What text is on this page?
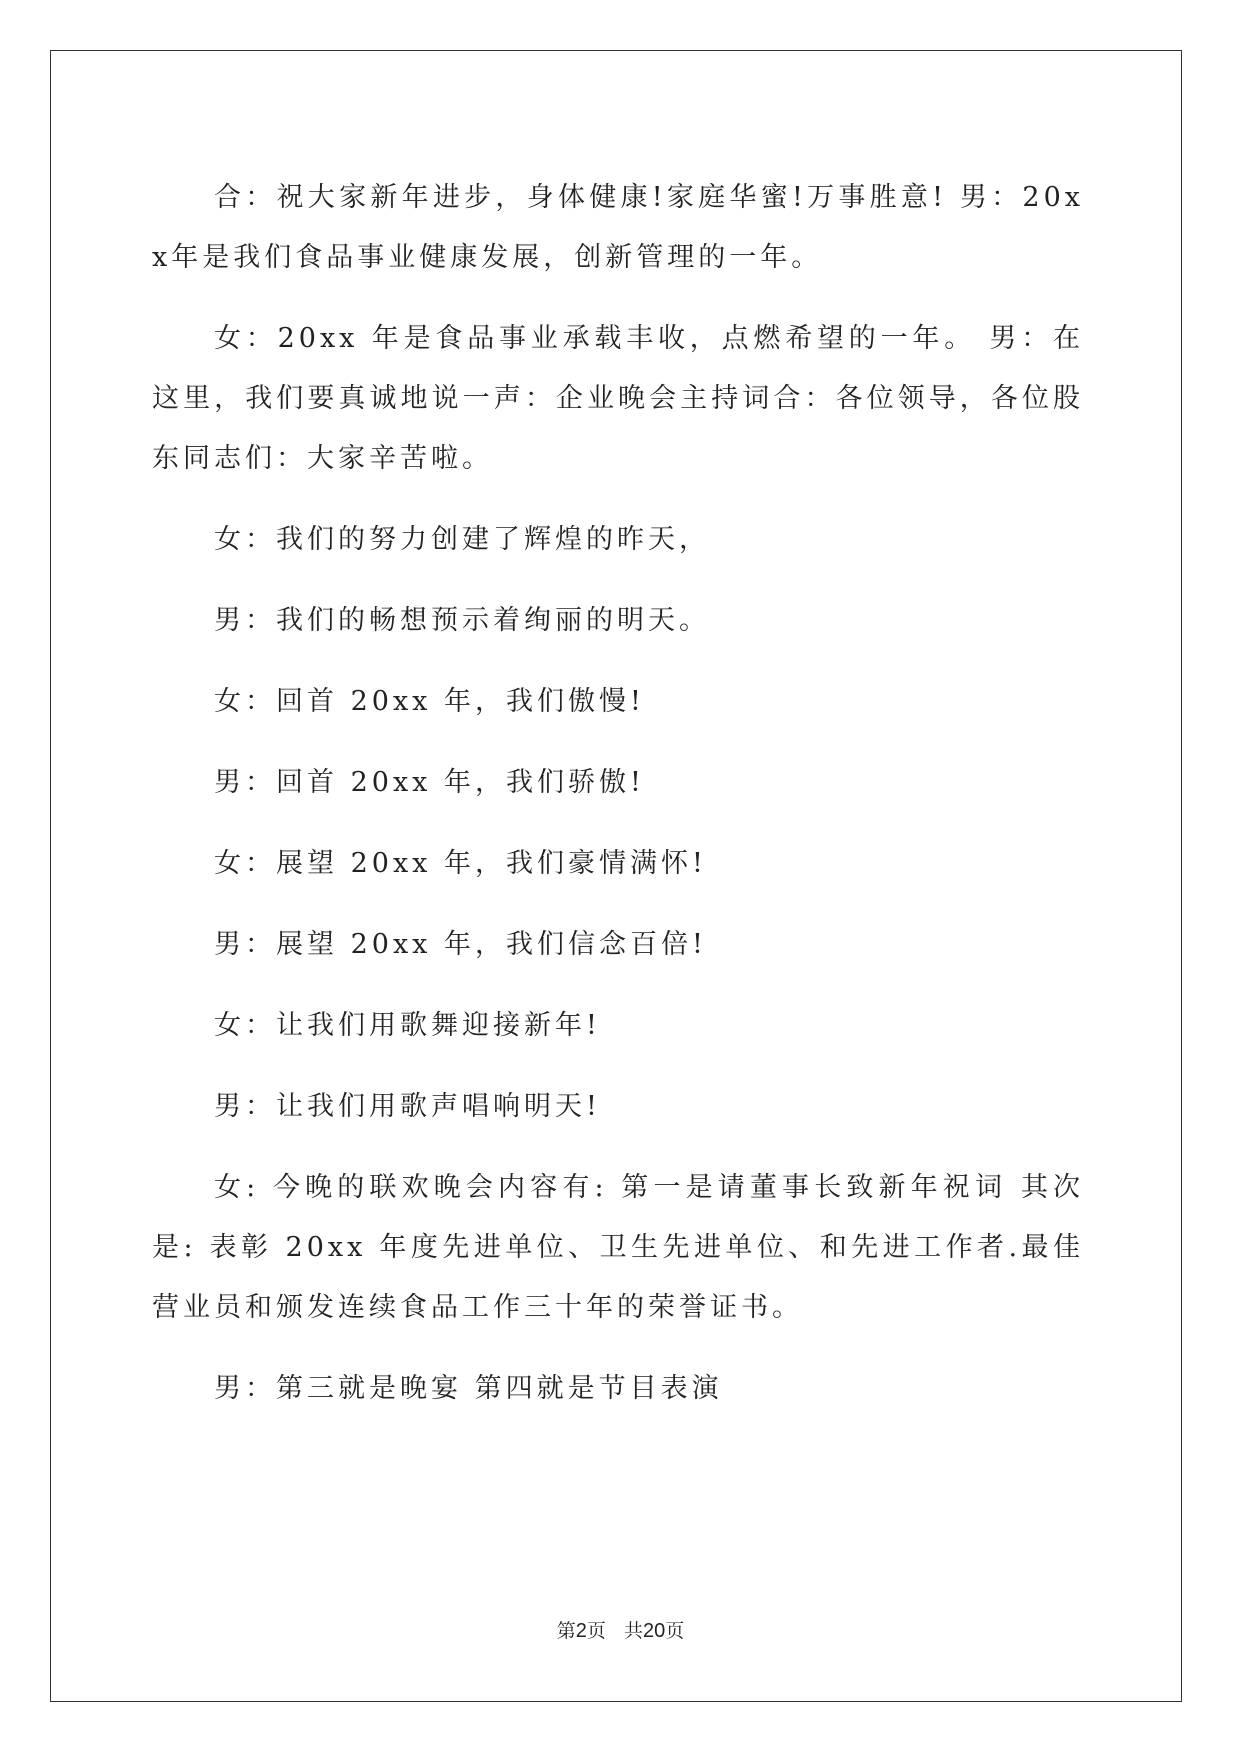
合：祝大家新年进步，身体健康!家庭华蜜!万事胜意! 男：20xx年是我们食品事业健康发展，创新管理的一年。

女：20xx 年是食品事业承载丰收，点燃希望的一年。 男：在这里，我们要真诚地说一声：企业晚会主持词合：各位领导，各位股东同志们：大家辛苦啦。

女：我们的努力创建了辉煌的昨天，

男：我们的畅想预示着绚丽的明天。

女：回首 20xx 年，我们傲慢!

男：回首 20xx 年，我们骄傲!

女：展望 20xx 年，我们豪情满怀!

男：展望 20xx 年，我们信念百倍!

女：让我们用歌舞迎接新年!

男：让我们用歌声唱响明天!

女: 今晚的联欢晚会内容有: 第一是请董事长致新年祝词 其次是: 表彰 20xx 年度先进单位、卫生先进单位、和先进工作者.最佳营业员和颁发连续食品工作三十年的荣誉证书。

男：第三就是晚宴 第四就是节目表演

第2页 共20页
